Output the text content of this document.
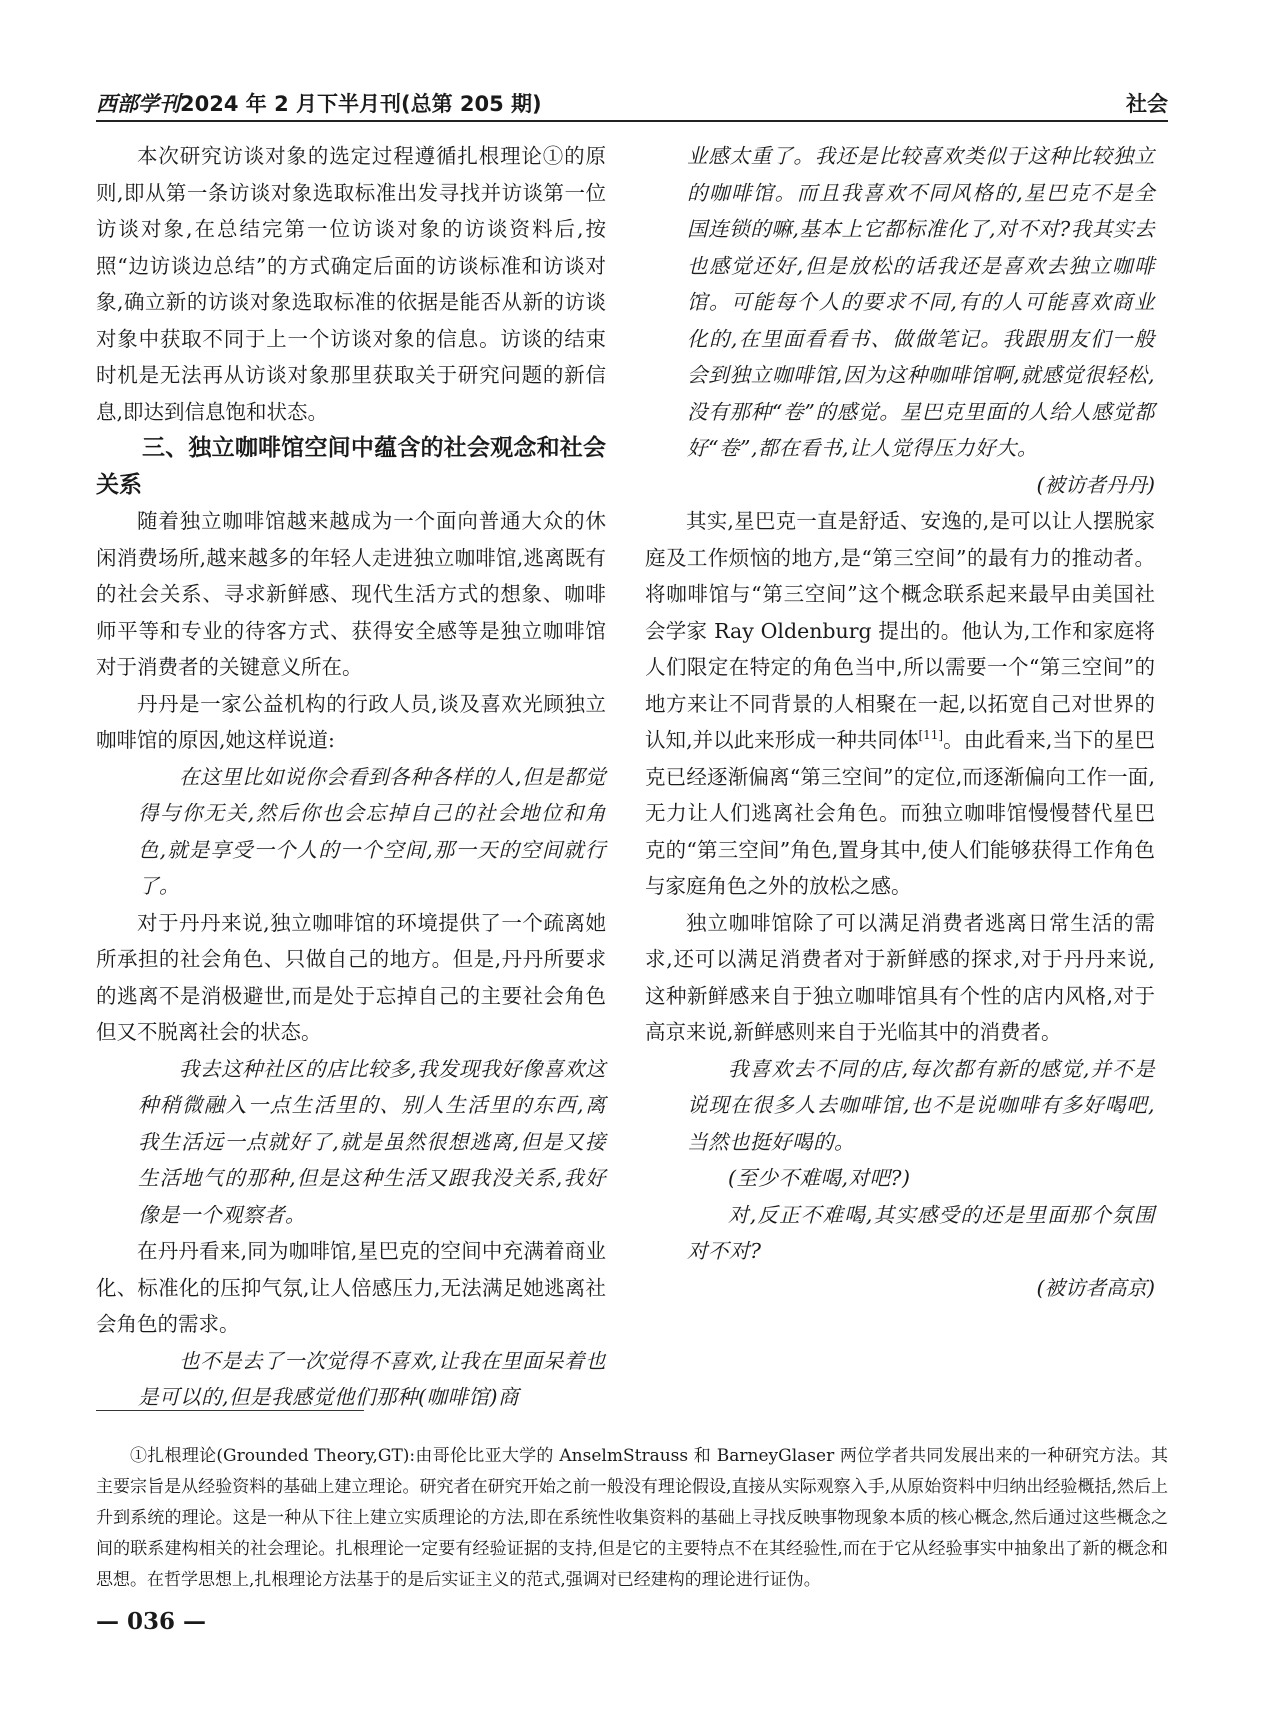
西部学刊2024 年 2 月下半月刊(总第 205 期)	社会

本次研究访谈对象的选定过程遵循扎根理论①的原则,即从第一条访谈对象选取标准出发寻找并访谈第一位访谈对象,在总结完第一位访谈对象的访谈资料后,按照“边访谈边总结”的方式确定后面的访谈标准和访谈对象,确立新的访谈对象选取标准的依据是能否从新的访谈对象中获取不同于上一个访谈对象的信息。访谈的结束时机是无法再从访谈对象那里获取关于研究问题的新信息,即达到信息饱和状态。

三、独立咖啡馆空间中蕴含的社会观念和社会关系

随着独立咖啡馆越来越成为一个面向普通大众的休闲消费场所,越来越多的年轻人走进独立咖啡馆,逃离既有的社会关系、寻求新鲜感、现代生活方式的想象、咖啡师平等和专业的待客方式、获得安全感等是独立咖啡馆对于消费者的关键意义所在。

丹丹是一家公益机构的行政人员,谈及喜欢光顾独立咖啡馆的原因,她这样说道:

在这里比如说你会看到各种各样的人,但是都觉得与你无关,然后你也会忘掉自己的社会地位和角色,就是享受一个人的一个空间,那一天的空间就行了。

对于丹丹来说,独立咖啡馆的环境提供了一个疏离她所承担的社会角色、只做自己的地方。但是,丹丹所要求的逃离不是消极避世,而是处于忘掉自己的主要社会角色但又不脱离社会的状态。

我去这种社区的店比较多,我发现我好像喜欢这种稍微融入一点生活里的、别人生活里的东西,离我生活远一点就好了,就是虽然很想逃离,但是又接生活地气的那种,但是这种生活又跟我没关系,我好像是一个观察者。

在丹丹看来,同为咖啡馆,星巴克的空间中充满着商业化、标准化的压抑气氛,让人倍感压力,无法满足她逃离社会角色的需求。

也不是去了一次觉得不喜欢,让我在里面呆着也是可以的,但是我感觉他们那种(咖啡馆)商

业感太重了。我还是比较喜欢类似于这种比较独立的咖啡馆。而且我喜欢不同风格的,星巴克不是全国连锁的嘛,基本上它都标准化了,对不对?我其实去也感觉还好,但是放松的话我还是喜欢去独立咖啡馆。可能每个人的要求不同,有的人可能喜欢商业化的,在里面看看书、做做笔记。我跟朋友们一般会到独立咖啡馆,因为这种咖啡馆啊,就感觉很轻松,没有那种“卷”的感觉。星巴克里面的人给人感觉都好“卷”,都在看书,让人觉得压力好大。

(被访者丹丹)

其实,星巴克一直是舒适、安逸的,是可以让人摆脱家庭及工作烦恼的地方,是“第三空间”的最有力的推动者。将咖啡馆与“第三空间”这个概念联系起来最早由美国社会学家 Ray Oldenburg 提出的。他认为,工作和家庭将人们限定在特定的角色当中,所以需要一个“第三空间”的地方来让不同背景的人相聚在一起,以拓宽自己对世界的认知,并以此来形成一种共同体[11]。由此看来,当下的星巴克已经逐渐偏离“第三空间”的定位,而逐渐偏向工作一面,无力让人们逃离社会角色。而独立咖啡馆慢慢替代星巴克的“第三空间”角色,置身其中,使人们能够获得工作角色与家庭角色之外的放松之感。

独立咖啡馆除了可以满足消费者逃离日常生活的需求,还可以满足消费者对于新鲜感的探求,对于丹丹来说,这种新鲜感来自于独立咖啡馆具有个性的店内风格,对于高京来说,新鲜感则来自于光临其中的消费者。

我喜欢去不同的店,每次都有新的感觉,并不是说现在很多人去咖啡馆,也不是说咖啡有多好喝吧,当然也挺好喝的。

(至少不难喝,对吧?)

对,反正不难喝,其实感受的还是里面那个氛围对不对?

(被访者高京)

①扎根理论(Grounded Theory,GT):由哥伦比亚大学的 AnselmStrauss 和 BarneyGlaser 两位学者共同发展出来的一种研究方法。其主要宗旨是从经验资料的基础上建立理论。研究者在研究开始之前一般没有理论假设,直接从实际观察入手,从原始资料中归纳出经验概括,然后上升到系统的理论。这是一种从下往上建立实质理论的方法,即在系统性收集资料的基础上寻找反映事物现象本质的核心概念,然后通过这些概念之间的联系建构相关的社会理论。扎根理论一定要有经验证据的支持,但是它的主要特点不在其经验性,而在于它从经验事实中抽象出了新的概念和思想。在哲学思想上,扎根理论方法基于的是后实证主义的范式,强调对已经建构的理论进行证伪。

— 036 —
